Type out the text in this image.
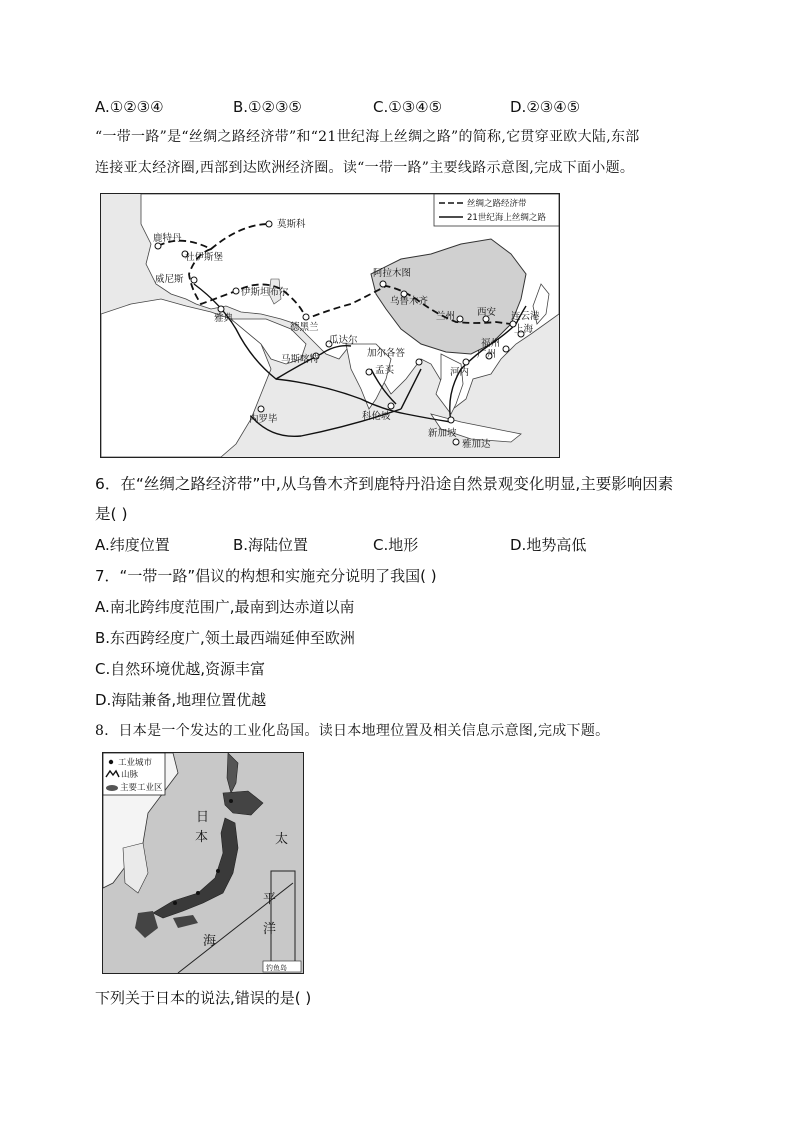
A.①②③④	B.①②③⑤	C.①③④⑤	D.②③④⑤
“一带一路”是“丝绸之路经济带”和“21世纪海上丝绸之路”的简称,它贯穿亚欧大陆,东部
连接亚太经济圈,西部到达欧洲经济圈。读“一带一路”主要线路示意图,完成下面小题。
丝绸之路经济带
21世纪海上丝绸之路
莫斯科
鹿特丹
杜伊斯堡
威尼斯
伊斯坦布尔
雅典
德黑兰
阿拉木图
乌鲁木齐
兰州 西安 连云港
上海
福州
广州
河内
加尔各答
瓜达尔
马斯喀特
孟买
科伦坡
新加坡
雅加达
内罗毕
6．在“丝绸之路经济带”中,从乌鲁木齐到鹿特丹沿途自然景观变化明显,主要影响因素
是( )
A.纬度位置	B.海陆位置	C.地形	D.地势高低
7．“一带一路”倡议的构想和实施充分说明了我国( )
A.南北跨纬度范围广,最南到达赤道以南
B.东西跨经度广,领土最西端延伸至欧洲
C.自然环境优越,资源丰富
D.海陆兼备,地理位置优越
8．日本是一个发达的工业化岛国。读日本地理位置及相关信息示意图,完成下题。
工业城市
山脉
主要工业区
日
本	太
平
洋
海
钓鱼岛
下列关于日本的说法,错误的是( )
